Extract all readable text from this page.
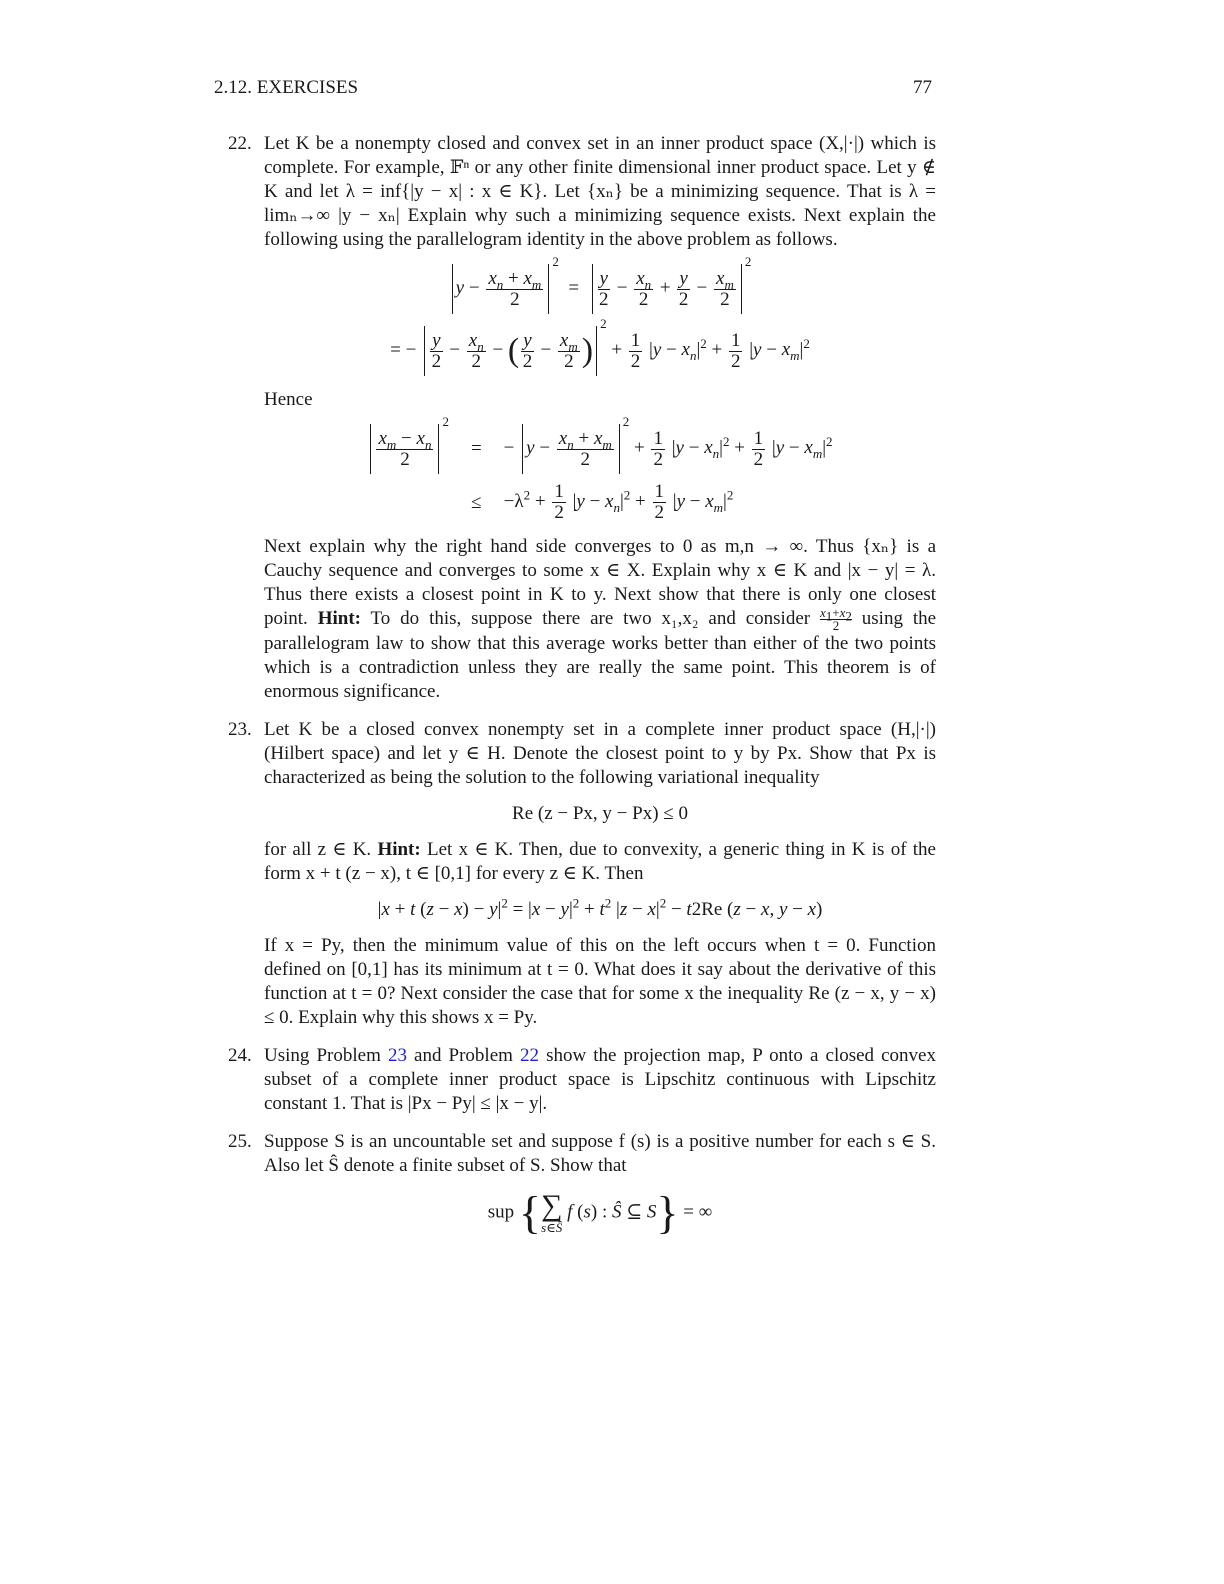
2.12. EXERCISES	77
22. Let K be a nonempty closed and convex set in an inner product space (X,|·|) which is complete. For example, 𝔽ⁿ or any other finite dimensional inner product space. Let y ∉ K and let λ = inf{|y − x| : x ∈ K}. Let {xₙ} be a minimizing sequence. That is λ = limₙ→∞ |y − xₙ| Explain why such a minimizing sequence exists. Next explain the following using the parallelogram identity in the above problem as follows.

$y - \frac{x_n + x_m}{2}$
$^2 = \frac{y}{2} - \frac{x_n}{2} + \frac{y}{2} - \frac{x_m}{2}$
$^2$
= − $\frac{y}{2} - \frac{x_n}{2}$ − ( $\frac{y}{2} - \frac{x_m}{2} )^2 + \frac{1}{2} |y - x_n|^2 + \frac{1}{2} |y - x_m|^2$

Hence

$\frac{x_m - x_n}{2}$
$^2$
= − $y - \frac{x_n + x_m}{2}$
$^2 + \frac{1}{2} |y - x_n|^2 + \frac{1}{2} |y - x_m|^2$
≤ $-\lambda^2 + \frac{1}{2} |y - x_n|^2 + \frac{1}{2} |y - x_m|^2$

Next explain why the right hand side converges to 0 as m,n → ∞. Thus {xₙ} is a Cauchy sequence and converges to some x ∈ X. Explain why x ∈ K and |x − y| = λ. Thus there exists a closest point in K to y. Next show that there is only one closest point. Hint: To do this, suppose there are two x₁,x₂ and consider $\frac{x_1+x_2}{2}$ using the parallelogram law to show that this average works better than either of the two points which is a contradiction unless they are really the same point. This theorem is of enormous significance.

23. Let K be a closed convex nonempty set in a complete inner product space (H,|·|) (Hilbert space) and let y ∈ H. Denote the closest point to y by Px. Show that Px is characterized as being the solution to the following variational inequality

Re (z − Px, y − Px) ≤ 0

for all z ∈ K. Hint: Let x ∈ K. Then, due to convexity, a generic thing in K is of the form x + t (z − x), t ∈ [0,1] for every z ∈ K. Then

|x + t $(z - x) - y|^2 = |x - y|^2 + t^2$ $|z - x|^2 - t2Re$ (z − x, y − x)

If x = Py, then the minimum value of this on the left occurs when t = 0. Function defined on [0,1] has its minimum at t = 0. What does it say about the derivative of this function at t = 0? Next consider the case that for some x the inequality Re (z − x, y − x) ≤ 0. Explain why this shows x = Py.

24. Using Problem 23 and Problem 22 show the projection map, P onto a closed convex subset of a complete inner product space is Lipschitz continuous with Lipschitz constant 1. That is |Px − Py| ≤ |x − y|.

25. Suppose S is an uncountable set and suppose f (s) is a positive number for each s ∈ S. Also let Ŝ denote a finite subset of S. Show that

sup { ∑
s∈Ŝ
f (s) : Ŝ ⊆ S} = ∞
